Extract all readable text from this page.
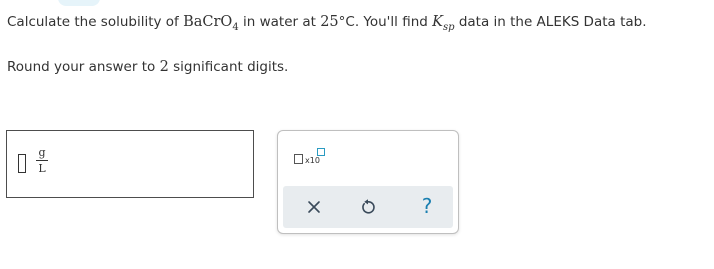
Calculate the solubility of BaCrO$_4$ in water at 25°C. You'll find $K_{sp}$ data in the ALEKS Data tab.
Round your answer to 2 significant digits.
g
L
x10
?
